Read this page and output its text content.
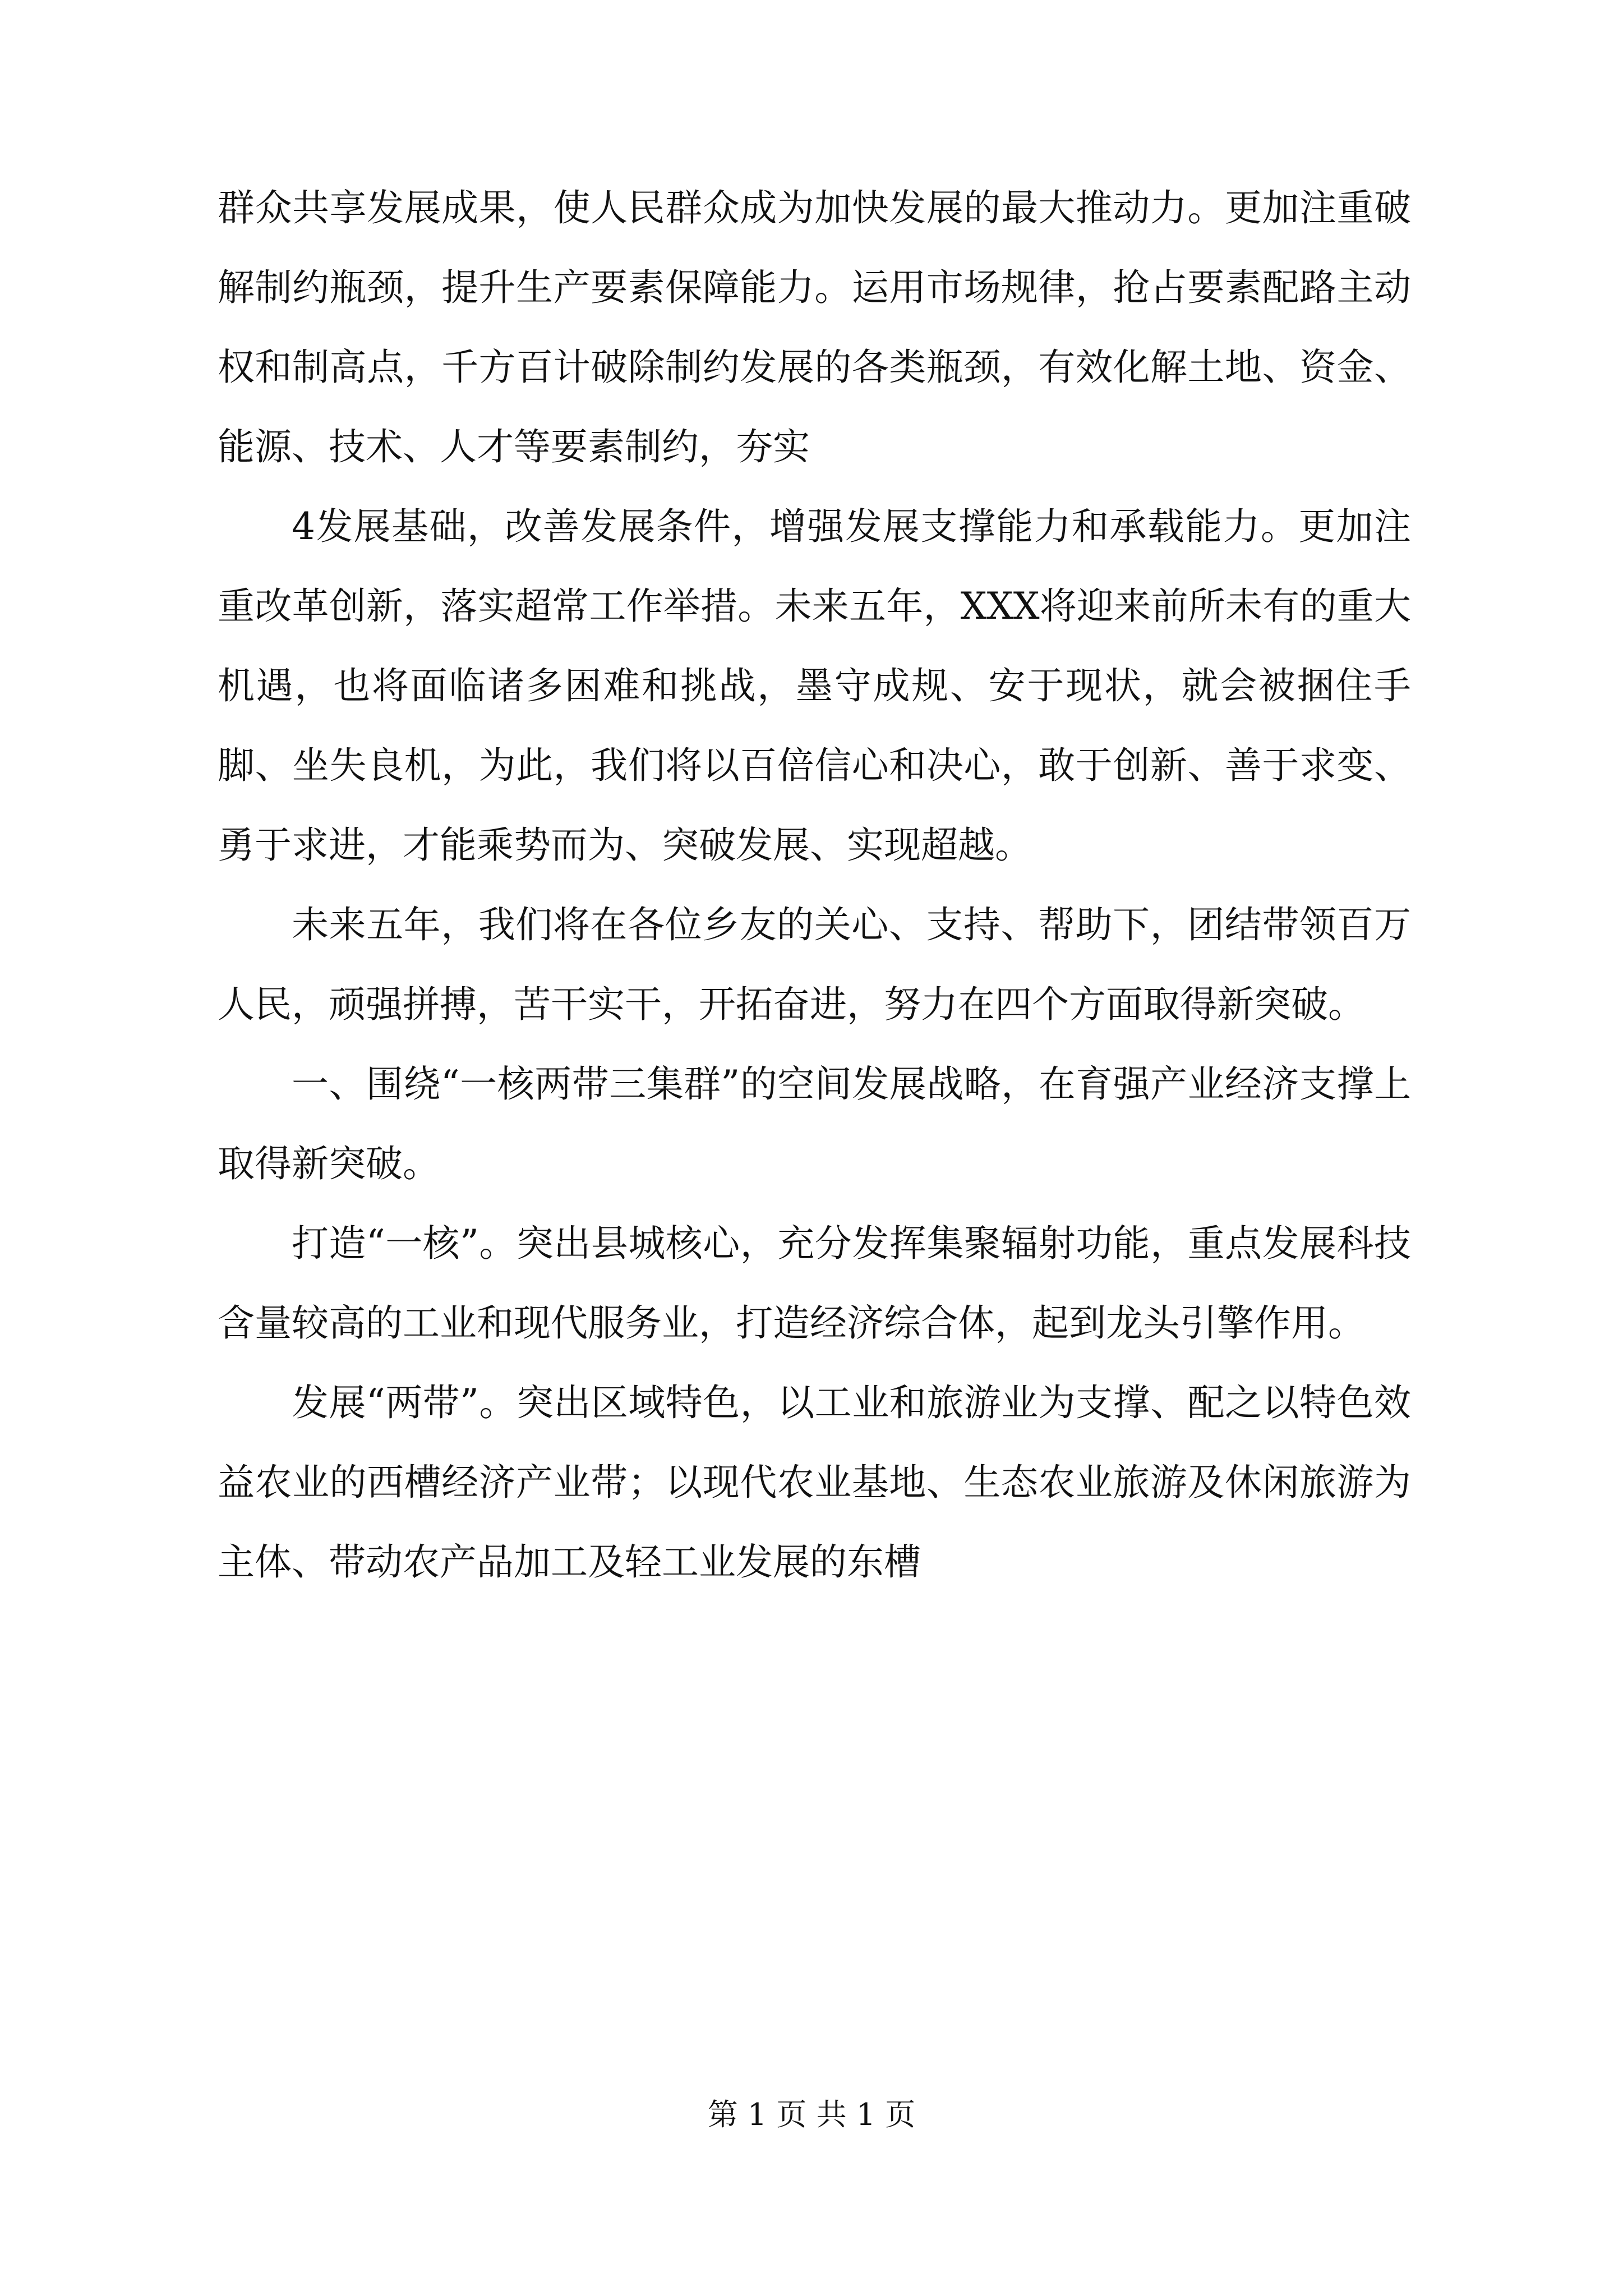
群众共享发展成果，使人民群众成为加快发展的最大推动力。更加注重破解制约瓶颈，提升生产要素保障能力。运用市场规律，抢占要素配路主动权和制高点，千方百计破除制约发展的各类瓶颈，有效化解土地、资金、能源、技术、人才等要素制约，夯实

4发展基础，改善发展条件，增强发展支撑能力和承载能力。更加注重改革创新，落实超常工作举措。未来五年，XXX将迎来前所未有的重大机遇，也将面临诸多困难和挑战，墨守成规、安于现状，就会被捆住手脚、坐失良机，为此，我们将以百倍信心和决心，敢于创新、善于求变、勇于求进，才能乘势而为、突破发展、实现超越。

未来五年，我们将在各位乡友的关心、支持、帮助下，团结带领百万人民，顽强拼搏，苦干实干，开拓奋进，努力在四个方面取得新突破。

一、围绕“一核两带三集群”的空间发展战略，在育强产业经济支撑上取得新突破。

打造“一核”。突出县城核心，充分发挥集聚辐射功能，重点发展科技含量较高的工业和现代服务业，打造经济综合体，起到龙头引擎作用。

发展“两带”。突出区域特色，以工业和旅游业为支撑、配之以特色效益农业的西槽经济产业带；以现代农业基地、生态农业旅游及休闲旅游为主体、带动农产品加工及轻工业发展的东槽

第 1 页 共 1 页
